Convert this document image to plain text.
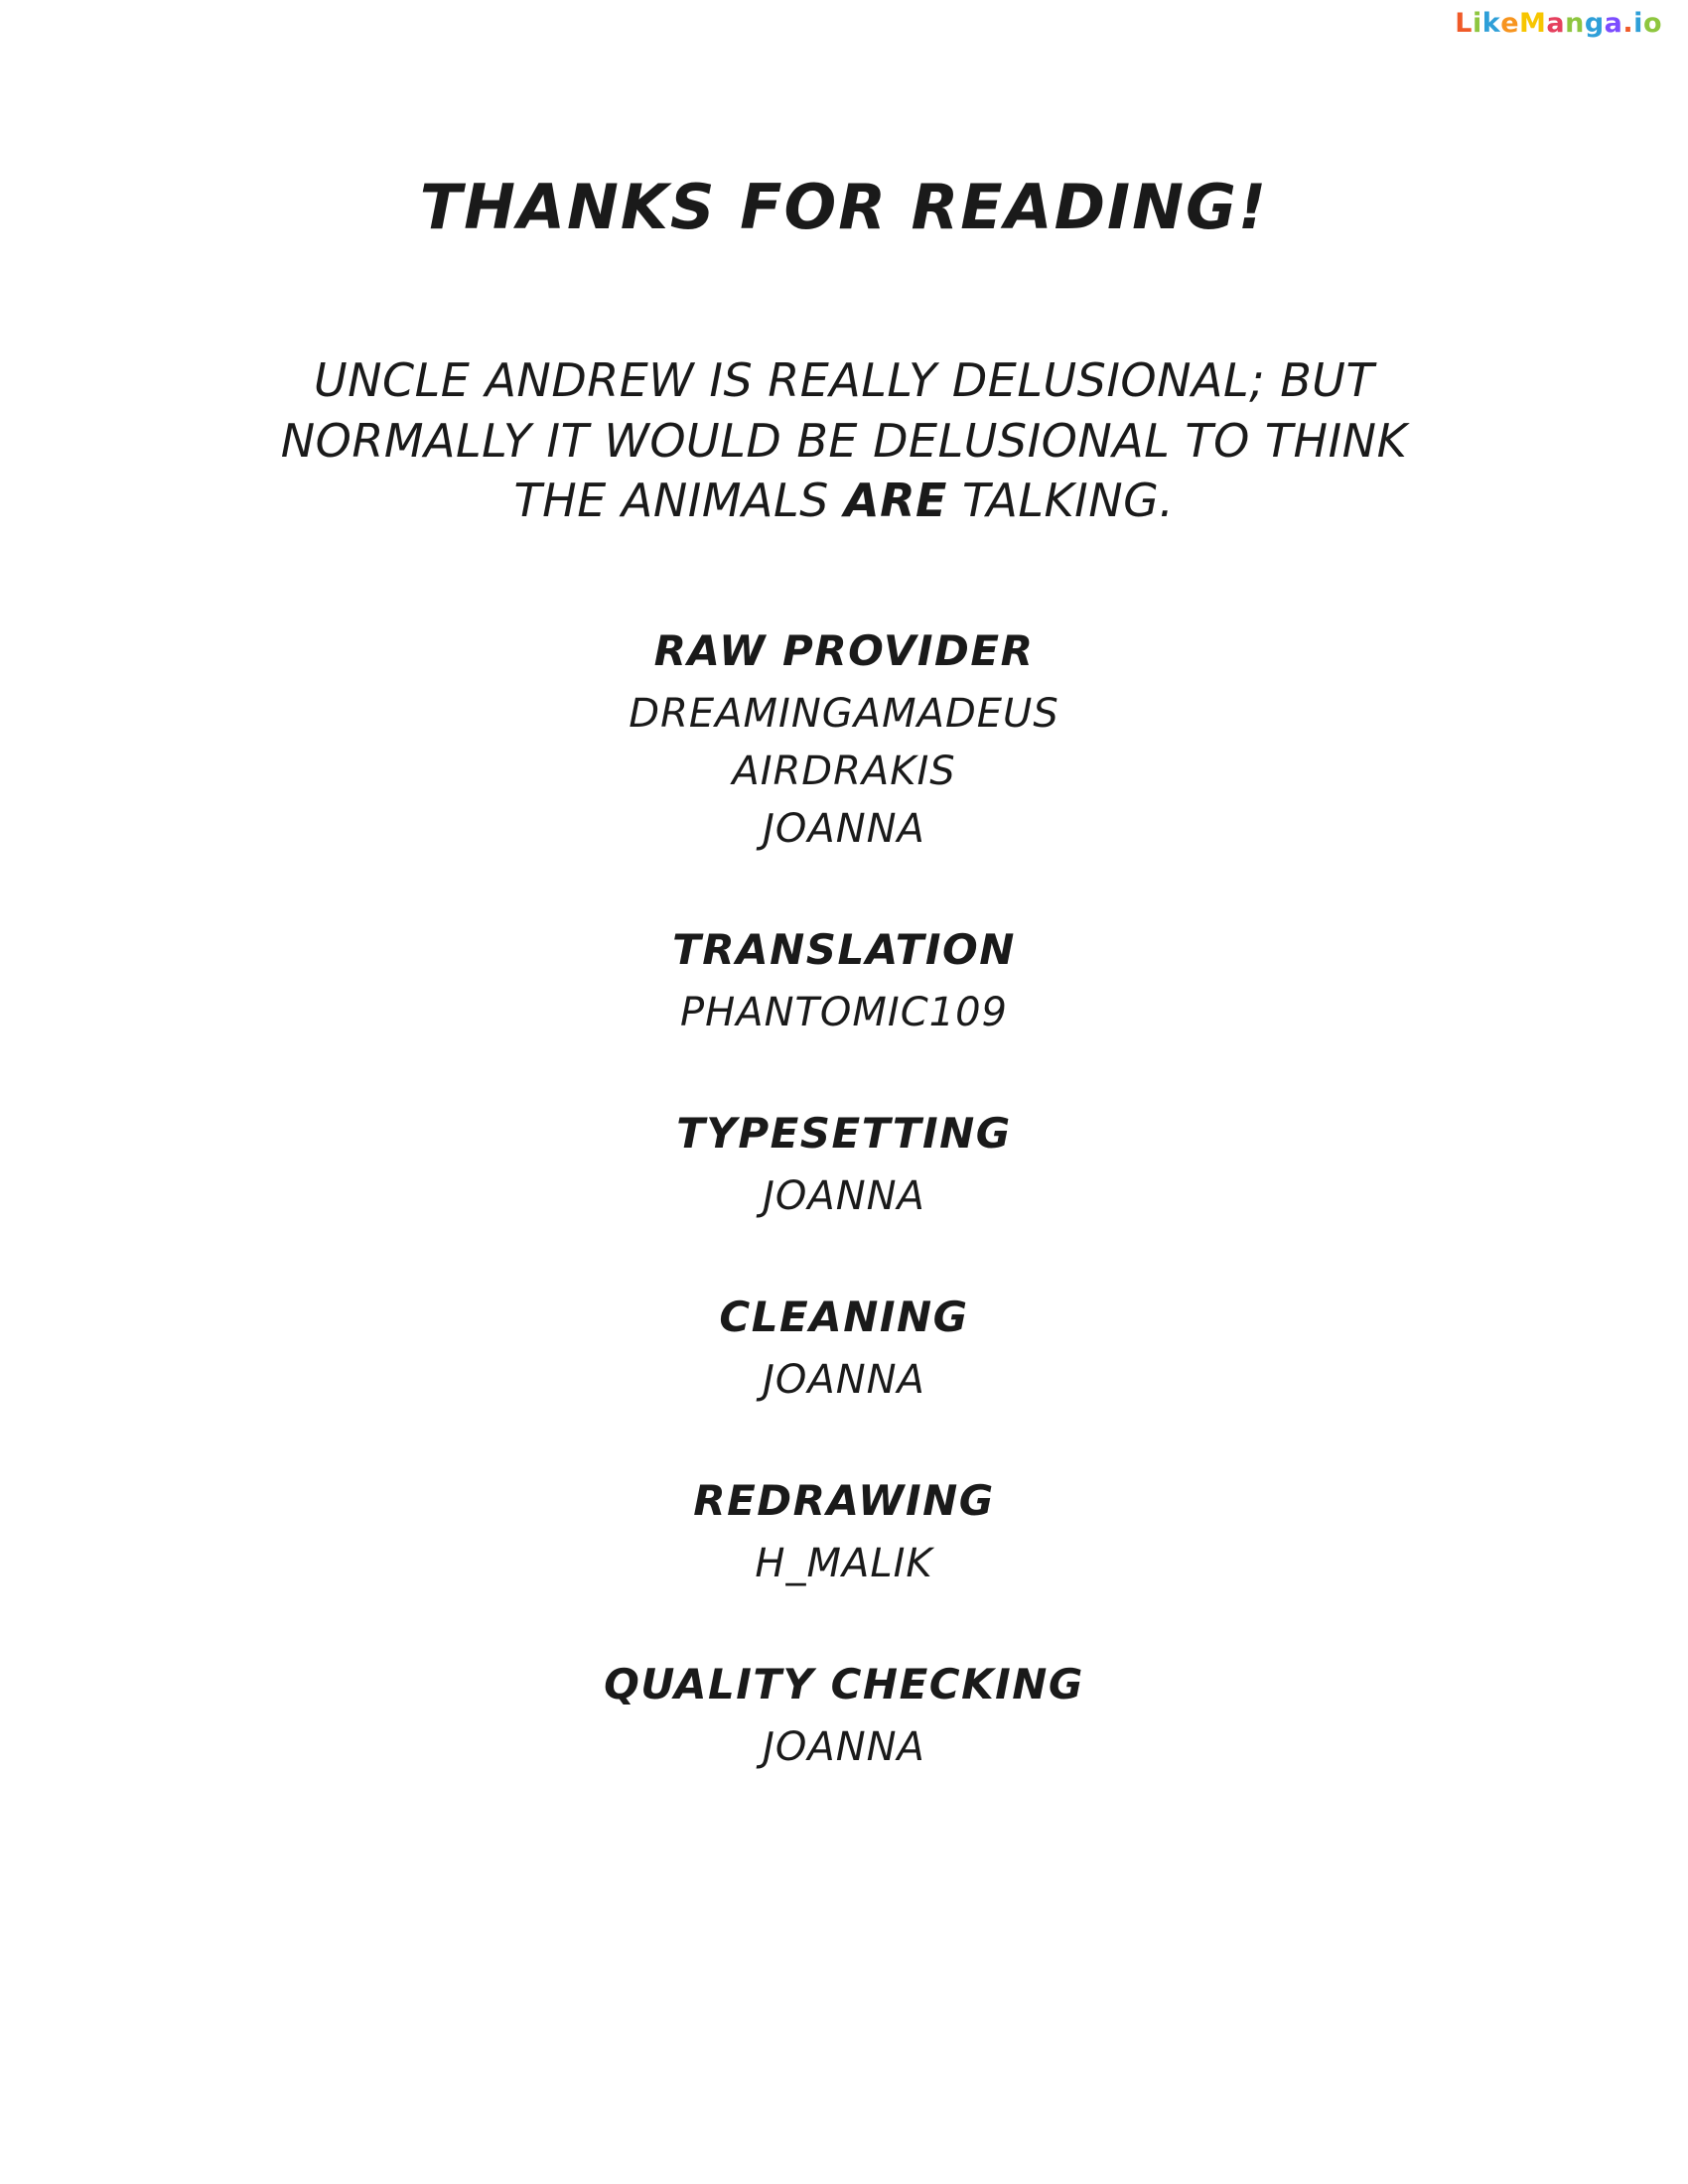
LikeManga.io
THANKS FOR READING!
UNCLE ANDREW IS REALLY DELUSIONAL; BUT
NORMALLY IT WOULD BE DELUSIONAL TO THINK
THE ANIMALS ARE TALKING.
RAW PROVIDER
DREAMINGAMADEUS
AIRDRAKIS
JOANNA
TRANSLATION
PHANTOMIC109
TYPESETTING
JOANNA
CLEANING
JOANNA
REDRAWING
H_MALIK
QUALITY CHECKING
JOANNA
